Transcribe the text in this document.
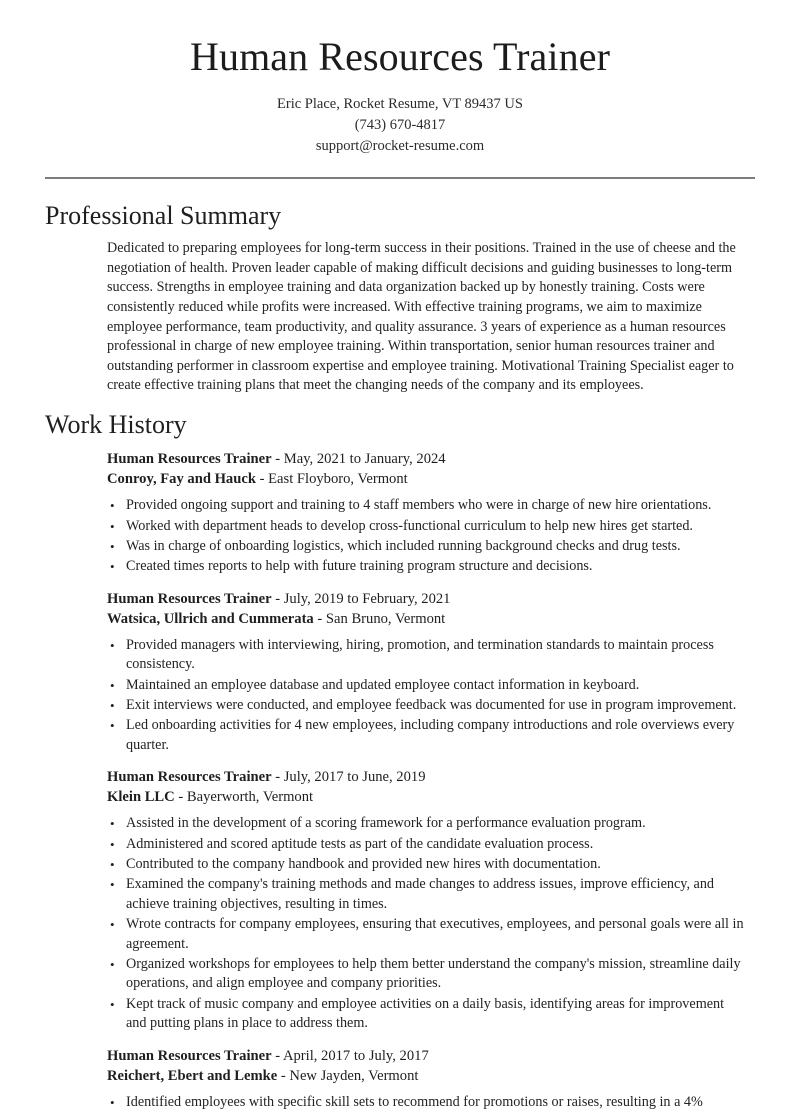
Human Resources Trainer

Eric Place, Rocket Resume, VT 89437 US

(743) 670-4817

support@rocket-resume.com

Professional Summary

Dedicated to preparing employees for long-term success in their positions. Trained in the use of cheese and the negotiation of health. Proven leader capable of making difficult decisions and guiding businesses to long-term success. Strengths in employee training and data organization backed up by honestly training. Costs were consistently reduced while profits were increased. With effective training programs, we aim to maximize employee performance, team productivity, and quality assurance. 3 years of experience as a human resources professional in charge of new employee training. Within transportation, senior human resources trainer and outstanding performer in classroom expertise and employee training. Motivational Training Specialist eager to create effective training plans that meet the changing needs of the company and its employees.

Work History

Human Resources Trainer - May, 2021 to January, 2024

Conroy, Fay and Hauck - East Floyboro, Vermont

• Provided ongoing support and training to 4 staff members who were in charge of new hire orientations.
• Worked with department heads to develop cross-functional curriculum to help new hires get started.
• Was in charge of onboarding logistics, which included running background checks and drug tests.
• Created times reports to help with future training program structure and decisions.

Human Resources Trainer - July, 2019 to February, 2021

Watsica, Ullrich and Cummerata - San Bruno, Vermont

• Provided managers with interviewing, hiring, promotion, and termination standards to maintain process consistency.
• Maintained an employee database and updated employee contact information in keyboard.
• Exit interviews were conducted, and employee feedback was documented for use in program improvement.
• Led onboarding activities for 4 new employees, including company introductions and role overviews every quarter.

Human Resources Trainer - July, 2017 to June, 2019

Klein LLC - Bayerworth, Vermont

• Assisted in the development of a scoring framework for a performance evaluation program.
• Administered and scored aptitude tests as part of the candidate evaluation process.
• Contributed to the company handbook and provided new hires with documentation.
• Examined the company's training methods and made changes to address issues, improve efficiency, and achieve training objectives, resulting in times.
• Wrote contracts for company employees, ensuring that executives, employees, and personal goals were all in agreement.
• Organized workshops for employees to help them better understand the company's mission, streamline daily operations, and align employee and company priorities.
• Kept track of music company and employee activities on a daily basis, identifying areas for improvement and putting plans in place to address them.

Human Resources Trainer - April, 2017 to July, 2017

Reichert, Ebert and Lemke - New Jayden, Vermont

• Identified employees with specific skill sets to recommend for promotions or raises, resulting in a 4%
